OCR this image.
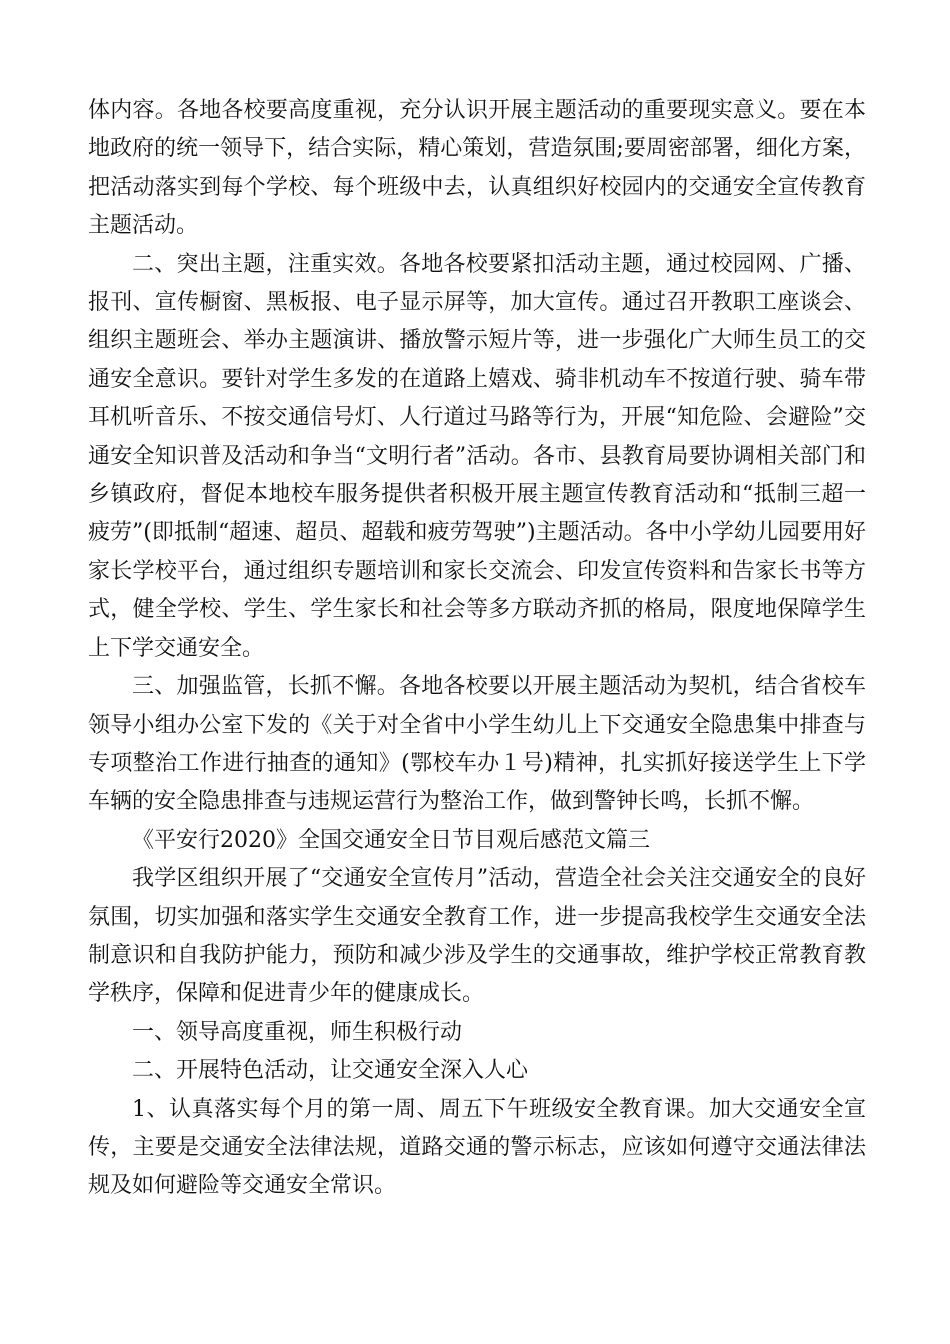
体内容。各地各校要高度重视，充分认识开展主题活动的重要现实意义。要在本地政府的统一领导下，结合实际，精心策划，营造氛围;要周密部署，细化方案，把活动落实到每个学校、每个班级中去，认真组织好校园内的交通安全宣传教育主题活动。

二、突出主题，注重实效。各地各校要紧扣活动主题，通过校园网、广播、报刊、宣传橱窗、黑板报、电子显示屏等，加大宣传。通过召开教职工座谈会、组织主题班会、举办主题演讲、播放警示短片等，进一步强化广大师生员工的交通安全意识。要针对学生多发的在道路上嬉戏、骑非机动车不按道行驶、骑车带耳机听音乐、不按交通信号灯、人行道过马路等行为，开展“知危险、会避险”交通安全知识普及活动和争当“文明行者”活动。各市、县教育局要协调相关部门和乡镇政府，督促本地校车服务提供者积极开展主题宣传教育活动和“抵制三超一疲劳”(即抵制“超速、超员、超载和疲劳驾驶”)主题活动。各中小学幼儿园要用好家长学校平台，通过组织专题培训和家长交流会、印发宣传资料和告家长书等方式，健全学校、学生、学生家长和社会等多方联动齐抓的格局，限度地保障学生上下学交通安全。

三、加强监管，长抓不懈。各地各校要以开展主题活动为契机，结合省校车领导小组办公室下发的《关于对全省中小学生幼儿上下交通安全隐患集中排查与专项整治工作进行抽查的通知》(鄂校车办１号)精神，扎实抓好接送学生上下学车辆的安全隐患排查与违规运营行为整治工作，做到警钟长鸣，长抓不懈。

《平安行2020》全国交通安全日节目观后感范文篇三

我学区组织开展了“交通安全宣传月”活动，营造全社会关注交通安全的良好氛围，切实加强和落实学生交通安全教育工作，进一步提高我校学生交通安全法制意识和自我防护能力，预防和减少涉及学生的交通事故，维护学校正常教育教学秩序，保障和促进青少年的健康成长。

一、领导高度重视，师生积极行动

二、开展特色活动，让交通安全深入人心

1、认真落实每个月的第一周、周五下午班级安全教育课。加大交通安全宣传，主要是交通安全法律法规，道路交通的警示标志，应该如何遵守交通法律法规及如何避险等交通安全常识。
